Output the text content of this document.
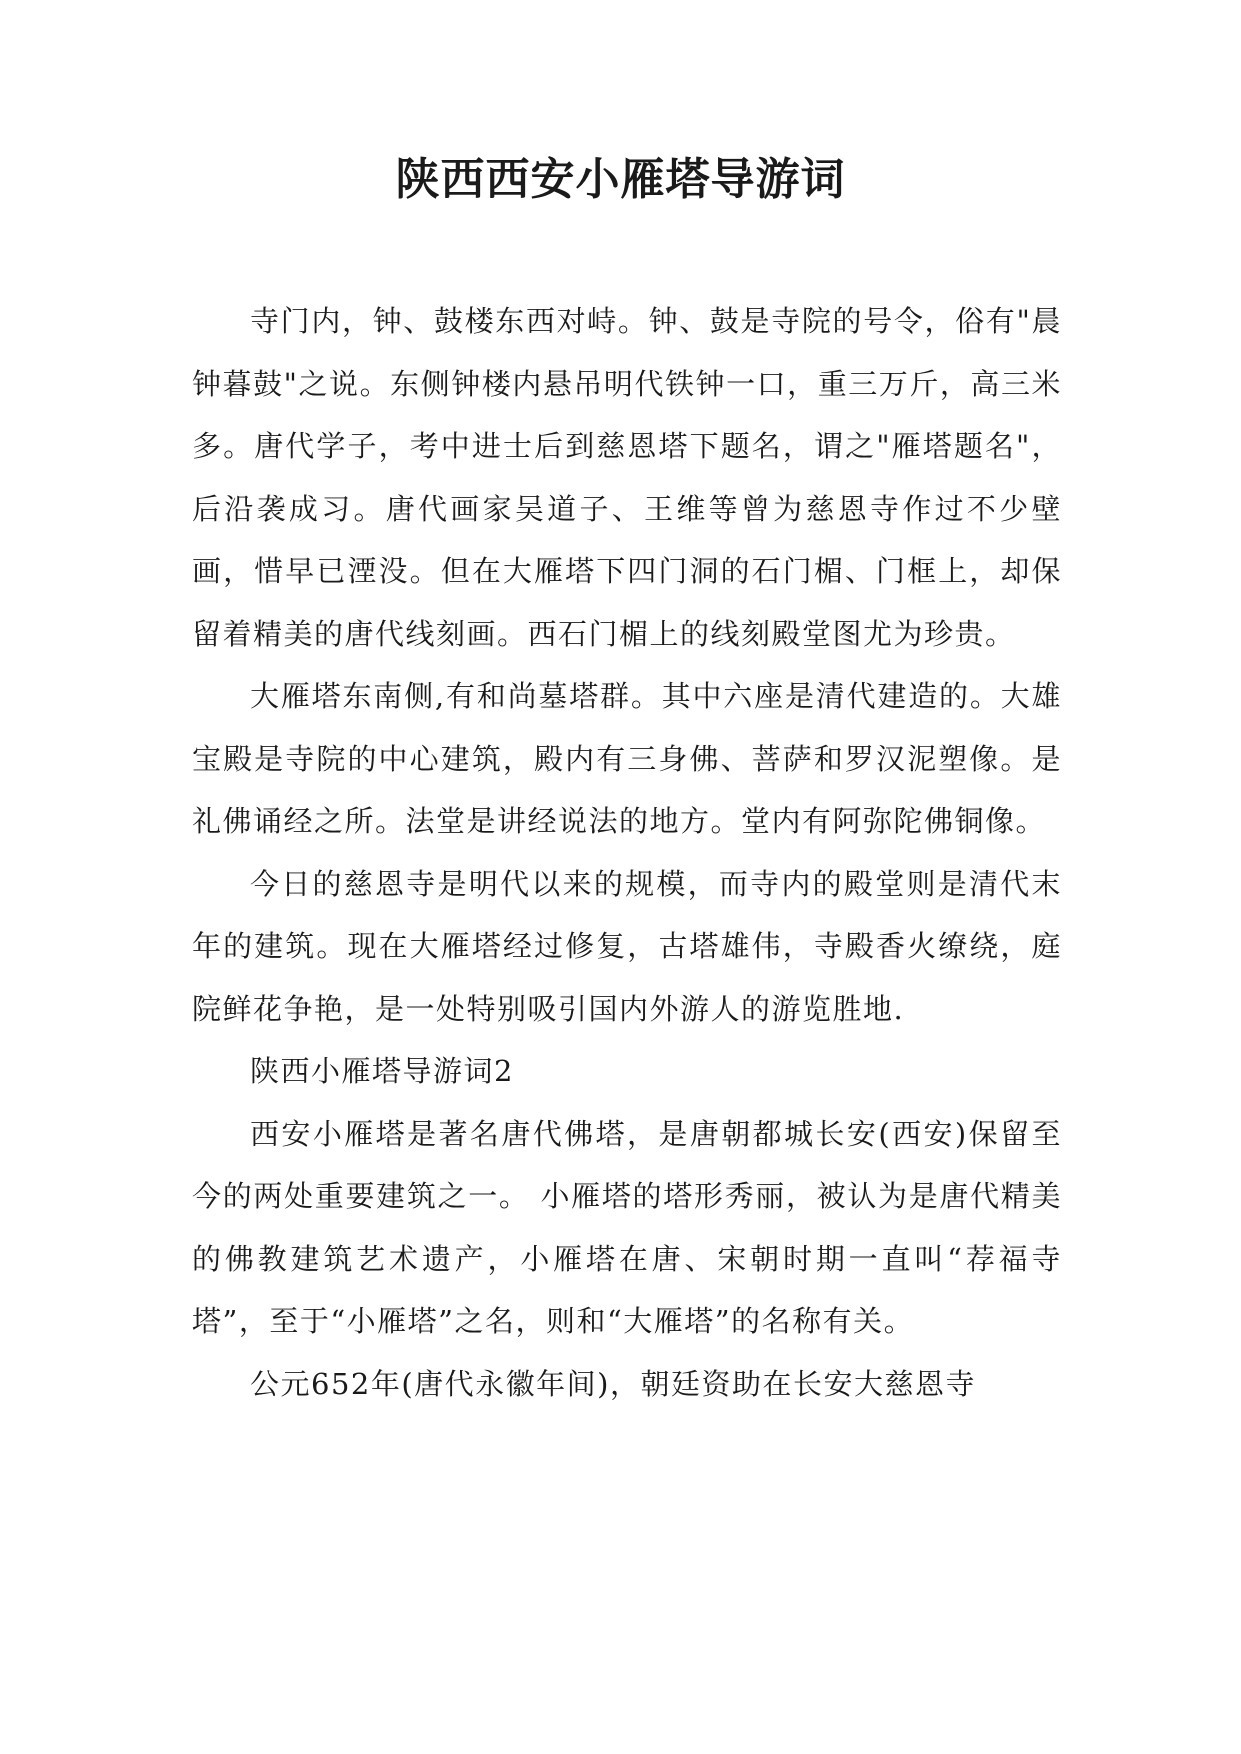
陕西西安小雁塔导游词

寺门内，钟、鼓楼东西对峙。钟、鼓是寺院的号令，俗有"晨钟暮鼓"之说。东侧钟楼内悬吊明代铁钟一口，重三万斤，高三米多。唐代学子，考中进士后到慈恩塔下题名，谓之"雁塔题名"，后沿袭成习。唐代画家吴道子、王维等曾为慈恩寺作过不少壁画，惜早已湮没。但在大雁塔下四门洞的石门楣、门框上，却保留着精美的唐代线刻画。西石门楣上的线刻殿堂图尤为珍贵。

大雁塔东南侧,有和尚墓塔群。其中六座是清代建造的。大雄宝殿是寺院的中心建筑，殿内有三身佛、菩萨和罗汉泥塑像。是礼佛诵经之所。法堂是讲经说法的地方。堂内有阿弥陀佛铜像。

今日的慈恩寺是明代以来的规模，而寺内的殿堂则是清代末年的建筑。现在大雁塔经过修复，古塔雄伟，寺殿香火缭绕，庭院鲜花争艳，是一处特别吸引国内外游人的游览胜地.

陕西小雁塔导游词2

西安小雁塔是著名唐代佛塔，是唐朝都城长安(西安)保留至今的两处重要建筑之一。 小雁塔的塔形秀丽，被认为是唐代精美的佛教建筑艺术遗产，小雁塔在唐、宋朝时期一直叫“荐福寺塔”，至于“小雁塔”之名，则和“大雁塔”的名称有关。

公元652年(唐代永徽年间)，朝廷资助在长安大慈恩寺
